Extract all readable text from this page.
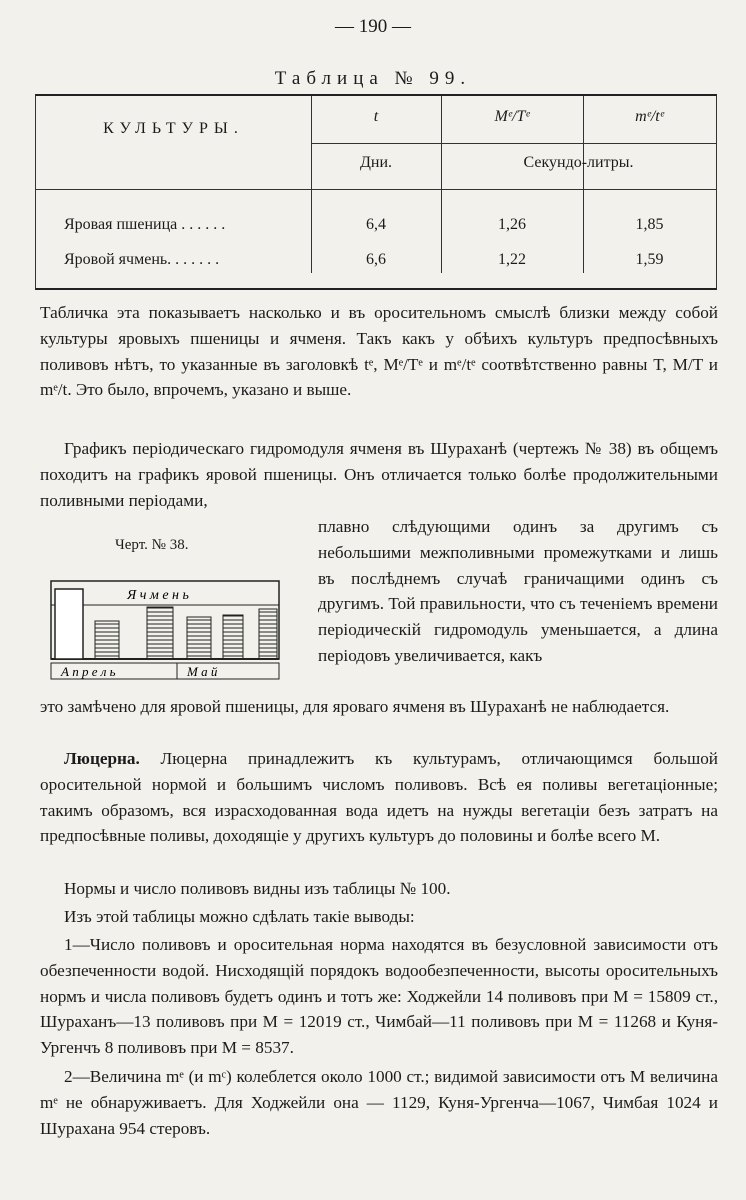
— 190 —
Таблица № 99.
КУЛЬТУРЫ.
t	Mᵉ/Tᵉ	mᵉ/tᵉ
Дни.	Секундо-литры.
Яровая пшеница . . . . . .	6,4	1,26	1,85
Яровой ячмень. . . . . . .	6,6	1,22	1,59

Табличка эта показываетъ насколько и въ оросительномъ смыслѣ близки между собой культуры яровыхъ пшеницы и ячменя. Такъ какъ у обѣихъ культуръ предпосѣвныхъ поливовъ нѣтъ, то указанные въ заголовкѣ tᵉ, Mᵉ/Tᵉ и mᵉ/tᵉ соотвѣтственно равны T, M/T и mᵉ/t. Это было, впрочемъ, указано и выше.

Графикъ періодическаго гидромодуля ячменя въ Шураханѣ (чертежъ № 38) въ общемъ походитъ на графикъ яровой пшеницы. Онъ отличается только болѣе продолжительными поливными періодами,

Черт. № 38.
Я ч м е н ь
А п р е л ь	М а й

плавно слѣдующими одинъ за другимъ съ небольшими межполивными промежутками и лишь въ послѣднемъ случаѣ граничащими одинъ съ другимъ. Той правильности, что съ теченіемъ времени періодическій гидромодуль уменьшается, а длина періодовъ увеличивается, какъ

это замѣчено для яровой пшеницы, для яроваго ячменя въ Шураханѣ не наблюдается.

Люцерна. Люцерна принадлежитъ къ культурамъ, отличающимся большой оросительной нормой и большимъ числомъ поливовъ. Всѣ ея поливы вегетаціонные; такимъ образомъ, вся израсходованная вода идетъ на нужды вегетаціи безъ затратъ на предпосѣвные поливы, доходящіе у другихъ культуръ до половины и болѣе всего M.

Нормы и число поливовъ видны изъ таблицы № 100.

Изъ этой таблицы можно сдѣлать такіе выводы:

1—Число поливовъ и оросительная норма находятся въ безусловной зависимости отъ обезпеченности водой. Нисходящій порядокъ водообезпеченности, высоты оросительныхъ нормъ и числа поливовъ будетъ одинъ и тотъ же: Ходжейли 14 поливовъ при M = 15809 ст., Шураханъ—13 поливовъ при M = 12019 ст., Чимбай—11 поливовъ при M = 11268 и Куня-Ургенчъ 8 поливовъ при M = 8537.

2—Величина mᵉ (и mᶜ) колеблется около 1000 ст.; видимой зависимости отъ M величина mᵉ не обнаруживаетъ. Для Ходжейли она — 1129, Куня-Ургенча—1067, Чимбая 1024 и Шурахана 954 стеровъ.
